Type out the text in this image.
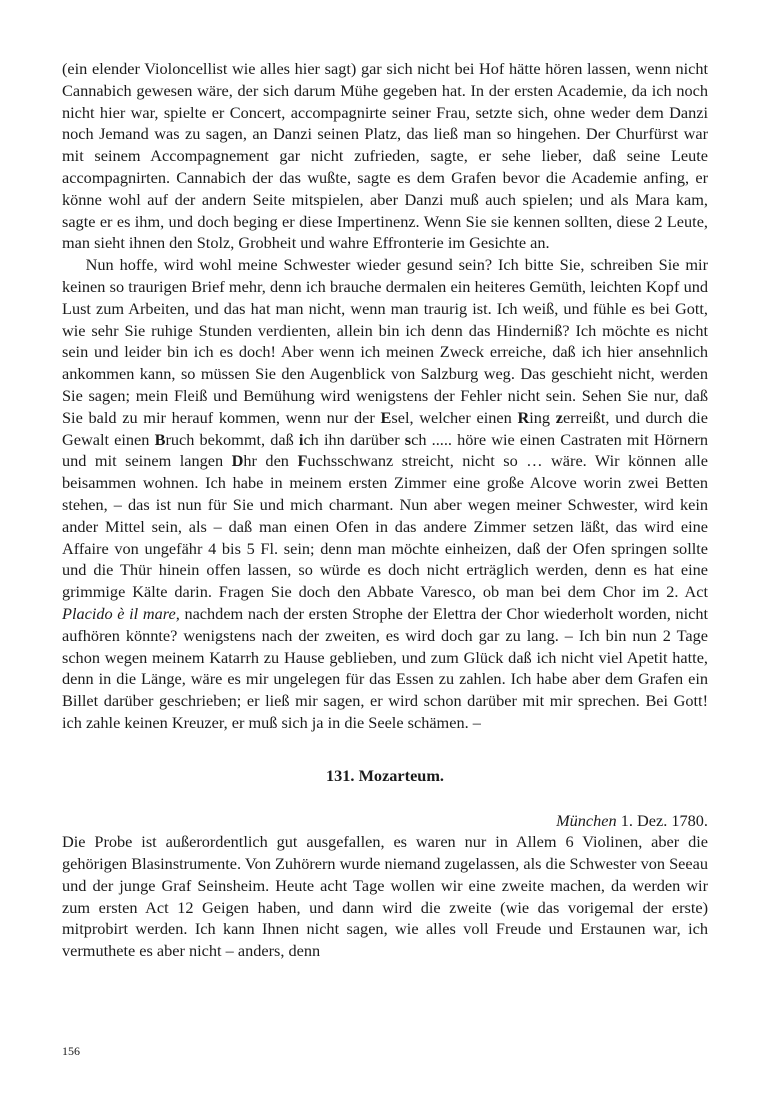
(ein elender Violoncellist wie alles hier sagt) gar sich nicht bei Hof hätte hören lassen, wenn nicht Cannabich gewesen wäre, der sich darum Mühe gegeben hat. In der ersten Academie, da ich noch nicht hier war, spielte er Concert, accompagnirte seiner Frau, setzte sich, ohne weder dem Danzi noch Jemand was zu sagen, an Danzi seinen Platz, das ließ man so hingehen. Der Churfürst war mit seinem Accompagnement gar nicht zufrieden, sagte, er sehe lieber, daß seine Leute accompagnirten. Cannabich der das wußte, sagte es dem Grafen bevor die Academie anfing, er könne wohl auf der andern Seite mitspielen, aber Danzi muß auch spielen; und als Mara kam, sagte er es ihm, und doch beging er diese Impertinenz. Wenn Sie sie kennen sollten, diese 2 Leute, man sieht ihnen den Stolz, Grobheit und wahre Effronterie im Gesichte an.

Nun hoffe, wird wohl meine Schwester wieder gesund sein? Ich bitte Sie, schreiben Sie mir keinen so traurigen Brief mehr, denn ich brauche dermalen ein heiteres Gemüth, leichten Kopf und Lust zum Arbeiten, und das hat man nicht, wenn man traurig ist. Ich weiß, und fühle es bei Gott, wie sehr Sie ruhige Stunden verdienten, allein bin ich denn das Hinderniß? Ich möchte es nicht sein und leider bin ich es doch! Aber wenn ich meinen Zweck erreiche, daß ich hier ansehnlich ankommen kann, so müssen Sie den Augenblick von Salzburg weg. Das geschieht nicht, werden Sie sagen; mein Fleiß und Bemühung wird wenigstens der Fehler nicht sein. Sehen Sie nur, daß Sie bald zu mir herauf kommen, wenn nur der Esel, welcher einen Ring zerreißt, und durch die Gewalt einen Bruch bekommt, daß ich ihn darüber sch ..... höre wie einen Castraten mit Hörnern und mit seinem langen Dhr den Fuchsschwanz streicht, nicht so … wäre. Wir können alle beisammen wohnen. Ich habe in meinem ersten Zimmer eine große Alcove worin zwei Betten stehen, – das ist nun für Sie und mich charmant. Nun aber wegen meiner Schwester, wird kein ander Mittel sein, als – daß man einen Ofen in das andere Zimmer setzen läßt, das wird eine Affaire von ungefähr 4 bis 5 Fl. sein; denn man möchte einheizen, daß der Ofen springen sollte und die Thür hinein offen lassen, so würde es doch nicht erträglich werden, denn es hat eine grimmige Kälte darin. Fragen Sie doch den Abbate Varesco, ob man bei dem Chor im 2. Act Placido è il mare, nachdem nach der ersten Strophe der Elettra der Chor wiederholt worden, nicht aufhören könnte? wenigstens nach der zweiten, es wird doch gar zu lang. – Ich bin nun 2 Tage schon wegen meinem Katarrh zu Hause geblieben, und zum Glück daß ich nicht viel Apetit hatte, denn in die Länge, wäre es mir ungelegen für das Essen zu zahlen. Ich habe aber dem Grafen ein Billet darüber geschrieben; er ließ mir sagen, er wird schon darüber mit mir sprechen. Bei Gott! ich zahle keinen Kreuzer, er muß sich ja in die Seele schämen. –

131. Mozarteum.

München 1. Dez. 1780.

Die Probe ist außerordentlich gut ausgefallen, es waren nur in Allem 6 Violinen, aber die gehörigen Blasinstrumente. Von Zuhörern wurde niemand zugelassen, als die Schwester von Seeau und der junge Graf Seinsheim. Heute acht Tage wollen wir eine zweite machen, da werden wir zum ersten Act 12 Geigen haben, und dann wird die zweite (wie das vorigemal der erste) mitprobirt werden. Ich kann Ihnen nicht sagen, wie alles voll Freude und Erstaunen war, ich vermuthete es aber nicht – anders, denn

156
